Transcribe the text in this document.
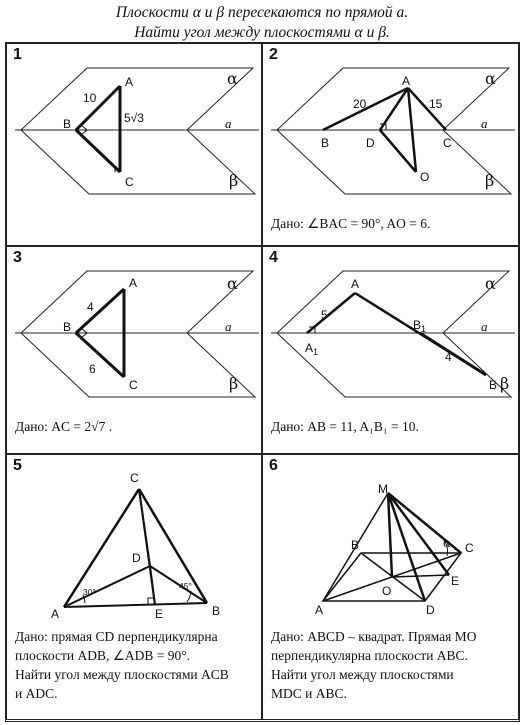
Плоскости α и β пересекаются по прямой a.
Найти угол между плоскостями α и β.
1
A
B
C
10
5√3
α
β
a
2
A
B	C
D
O
20	15
α
β
a
Дано: ∠BAC = 90°, AO = 6.
3
A
B
C
4
6
α
β
a
Дано: AC = 2√7 .
4
A
$A_1$
$B_1$
B
5
4
α
β
a
Дано: AB = 11, A₁B₁ = 10.
5
C
D
A	B
E
30°
45°
Дано: прямая CD перпендикулярна
плоскости ADB, ∠ADB = 90°.
Найти угол между плоскостями ACB
и ADC.
6
M
B	C
A	D
E
O
α
Дано: ABCD – квадрат. Прямая MO
перпендикулярна плоскости ABC.
Найти угол между плоскостями
MDC и ABC.
